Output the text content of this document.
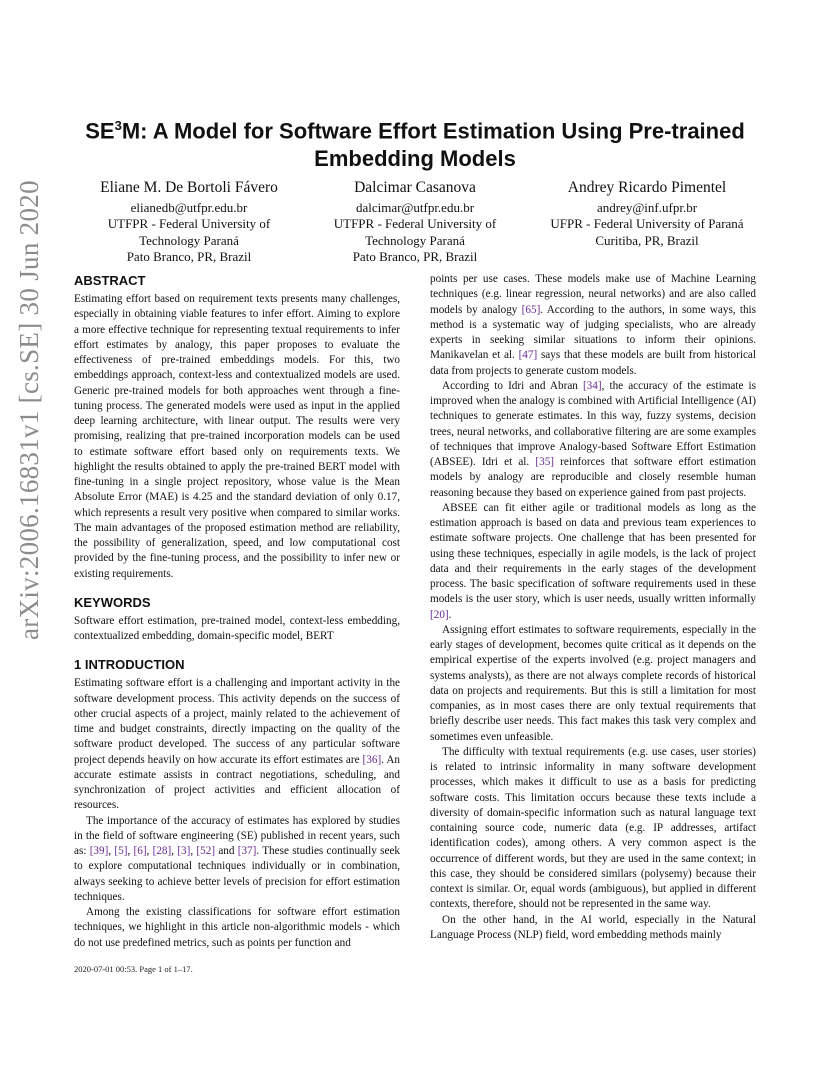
arXiv:2006.16831v1 [cs.SE] 30 Jun 2020
$SE^3M$: A Model for Software Effort Estimation Using Pre-trained
Embedding Models
Eliane M. De Bortoli Fávero
elianedb@utfpr.edu.br
UTFPR - Federal University of
Technology Paraná
Pato Branco, PR, Brazil
Dalcimar Casanova
dalcimar@utfpr.edu.br
UTFPR - Federal University of
Technology Paraná
Pato Branco, PR, Brazil
Andrey Ricardo Pimentel
andrey@inf.ufpr.br
UFPR - Federal University of Paraná
Curitiba, PR, Brazil
ABSTRACT

Estimating effort based on requirement texts presents many challenges, especially in obtaining viable features to infer effort. Aiming to explore a more effective technique for representing textual requirements to infer effort estimates by analogy, this paper proposes to evaluate the effectiveness of pre-trained embeddings models. For this, two embeddings approach, context-less and contextualized models are used. Generic pre-trained models for both approaches went through a fine-tuning process. The generated models were used as input in the applied deep learning architecture, with linear output. The results were very promising, realizing that pre-trained incorporation models can be used to estimate software effort based only on requirements texts. We highlight the results obtained to apply the pre-trained BERT model with fine-tuning in a single project repository, whose value is the Mean Absolute Error (MAE) is 4.25 and the standard deviation of only 0.17, which represents a result very positive when compared to similar works. The main advantages of the proposed estimation method are reliability, the possibility of generalization, speed, and low computational cost provided by the fine-tuning process, and the possibility to infer new or existing requirements.

KEYWORDS

Software effort estimation, pre-trained model, context-less embedding, contextualized embedding, domain-specific model, BERT

1 INTRODUCTION

Estimating software effort is a challenging and important activity in the software development process. This activity depends on the success of other crucial aspects of a project, mainly related to the achievement of time and budget constraints, directly impacting on the quality of the software product developed. The success of any particular software project depends heavily on how accurate its effort estimates are [36]. An accurate estimate assists in contract negotiations, scheduling, and synchronization of project activities and efficient allocation of resources.

The importance of the accuracy of estimates has explored by studies in the field of software engineering (SE) published in recent years, such as: [39], [5], [6], [28], [3], [52] and [37]. These studies continually seek to explore computational techniques individually or in combination, always seeking to achieve better levels of precision for effort estimation techniques.

Among the existing classifications for software effort estimation techniques, we highlight in this article non-algorithmic models - which do not use predefined metrics, such as points per function and

points per use cases. These models make use of Machine Learning techniques (e.g. linear regression, neural networks) and are also called models by analogy [65]. According to the authors, in some ways, this method is a systematic way of judging specialists, who are already experts in seeking similar situations to inform their opinions. Manikavelan et al. [47] says that these models are built from historical data from projects to generate custom models.

According to Idri and Abran [34], the accuracy of the estimate is improved when the analogy is combined with Artificial Intelligence (AI) techniques to generate estimates. In this way, fuzzy systems, decision trees, neural networks, and collaborative filtering are are some examples of techniques that improve Analogy-based Software Effort Estimation (ABSEE). Idri et al. [35] reinforces that software effort estimation models by analogy are reproducible and closely resemble human reasoning because they based on experience gained from past projects.

ABSEE can fit either agile or traditional models as long as the estimation approach is based on data and previous team experiences to estimate software projects. One challenge that has been presented for using these techniques, especially in agile models, is the lack of project data and their requirements in the early stages of the development process. The basic specification of software requirements used in these models is the user story, which is user needs, usually written informally [20].

Assigning effort estimates to software requirements, especially in the early stages of development, becomes quite critical as it depends on the empirical expertise of the experts involved (e.g. project managers and systems analysts), as there are not always complete records of historical data on projects and requirements. But this is still a limitation for most companies, as in most cases there are only textual requirements that briefly describe user needs. This fact makes this task very complex and sometimes even unfeasible.

The difficulty with textual requirements (e.g. use cases, user stories) is related to intrinsic informality in many software development processes, which makes it difficult to use as a basis for predicting software costs. This limitation occurs because these texts include a diversity of domain-specific information such as natural language text containing source code, numeric data (e.g. IP addresses, artifact identification codes), among others. A very common aspect is the occurrence of different words, but they are used in the same context; in this case, they should be considered similars (polysemy) because their context is similar. Or, equal words (ambiguous), but applied in different contexts, therefore, should not be represented in the same way.

On the other hand, in the AI world, especially in the Natural Language Process (NLP) field, word embedding methods mainly

2020-07-01 00:53. Page 1 of 1–17.
